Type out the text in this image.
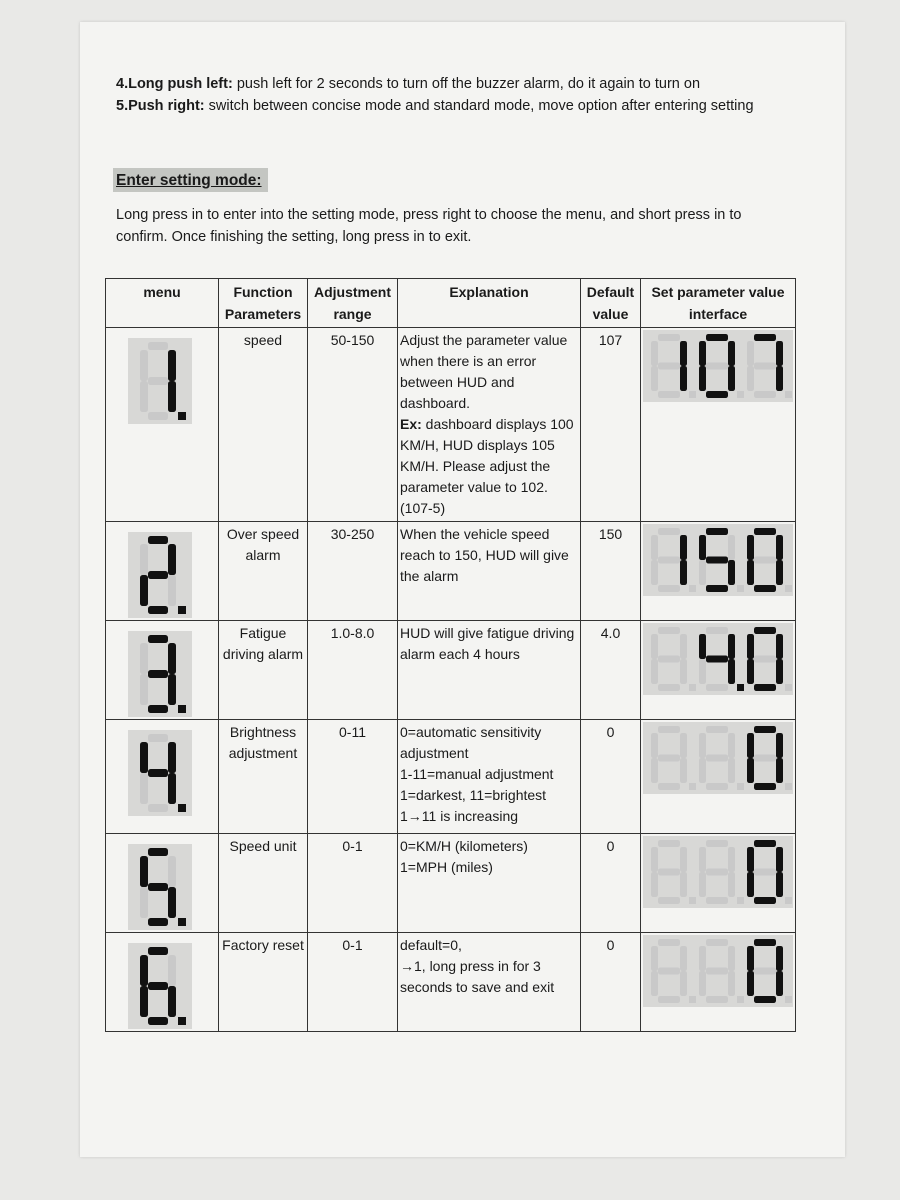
4.Long push left: push left for 2 seconds to turn off the buzzer alarm, do it again to turn on
5.Push right: switch between concise mode and standard mode, move option after entering setting
Enter setting mode:
Long press in to enter into the setting mode, press right to choose the menu, and short press in to confirm. Once finishing the setting, long press in to exit.
menu	Function Parameters	Adjustment range	Explanation	Default value	Set parameter value interface

	speed	50-150	Adjust the parameter value when there is an error between HUD and dashboard.
Ex: dashboard displays 100 KM/H, HUD displays 105 KM/H. Please adjust the parameter value to 102.(107-5)	107	

	Over speed alarm	30-250	When the vehicle speed reach to 150, HUD will give the alarm	150	

	Fatigue driving alarm	1.0-8.0	HUD will give fatigue driving alarm each 4 hours	4.0	

	Brightness adjustment	0-11	0=automatic sensitivity adjustment
1-11=manual adjustment
1=darkest, 11=brightest
1→11 is increasing	0	

	Speed unit	0-1	0=KM/H (kilometers)
1=MPH (miles)	0	

	Factory reset	0-1	default=0,
→1, long press in for 3 seconds to save and exit	0	
